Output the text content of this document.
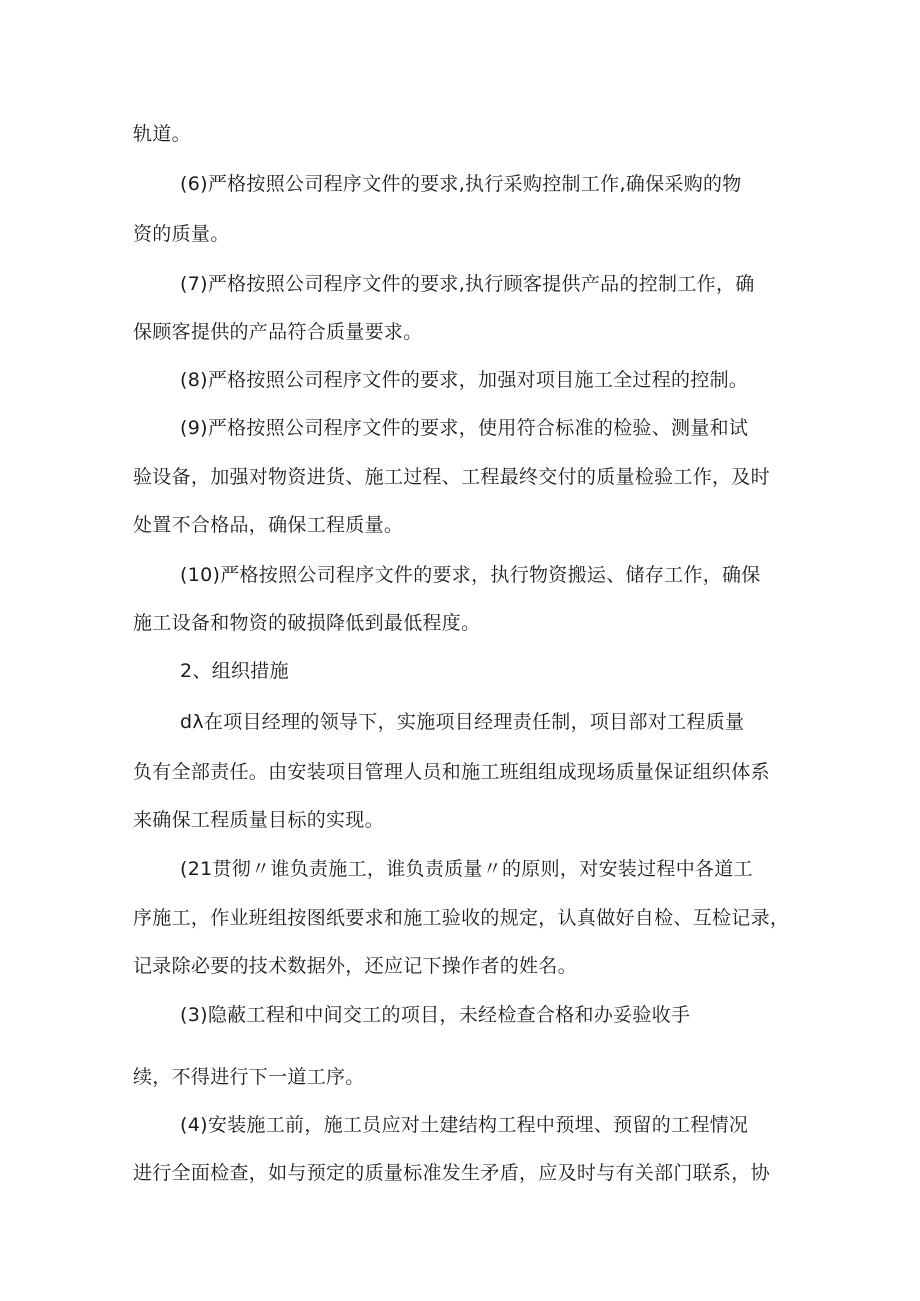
轨道。
(6)严格按照公司程序文件的要求,执行采购控制工作,确保采购的物
资的质量。
(7)严格按照公司程序文件的要求,执行顾客提供产品的控制工作，确
保顾客提供的产品符合质量要求。
(8)严格按照公司程序文件的要求，加强对项目施工全过程的控制。
(9)严格按照公司程序文件的要求，使用符合标准的检验、测量和试
验设备，加强对物资进货、施工过程、工程最终交付的质量检验工作，及时
处置不合格品，确保工程质量。
(10)严格按照公司程序文件的要求，执行物资搬运、储存工作，确保
施工设备和物资的破损降低到最低程度。
2、组织措施
dλ在项目经理的领导下，实施项目经理责任制，项目部对工程质量
负有全部责任。由安装项目管理人员和施工班组组成现场质量保证组织体系
来确保工程质量目标的实现。
(21贯彻〃谁负责施工，谁负责质量〃的原则，对安装过程中各道工
序施工，作业班组按图纸要求和施工验收的规定，认真做好自检、互检记录，
记录除必要的技术数据外，还应记下操作者的姓名。
(3)隐蔽工程和中间交工的项目，未经检查合格和办妥验收手
续，不得进行下一道工序。
(4)安装施工前，施工员应对土建结构工程中预埋、预留的工程情况
进行全面检查，如与预定的质量标准发生矛盾，应及时与有关部门联系，协
